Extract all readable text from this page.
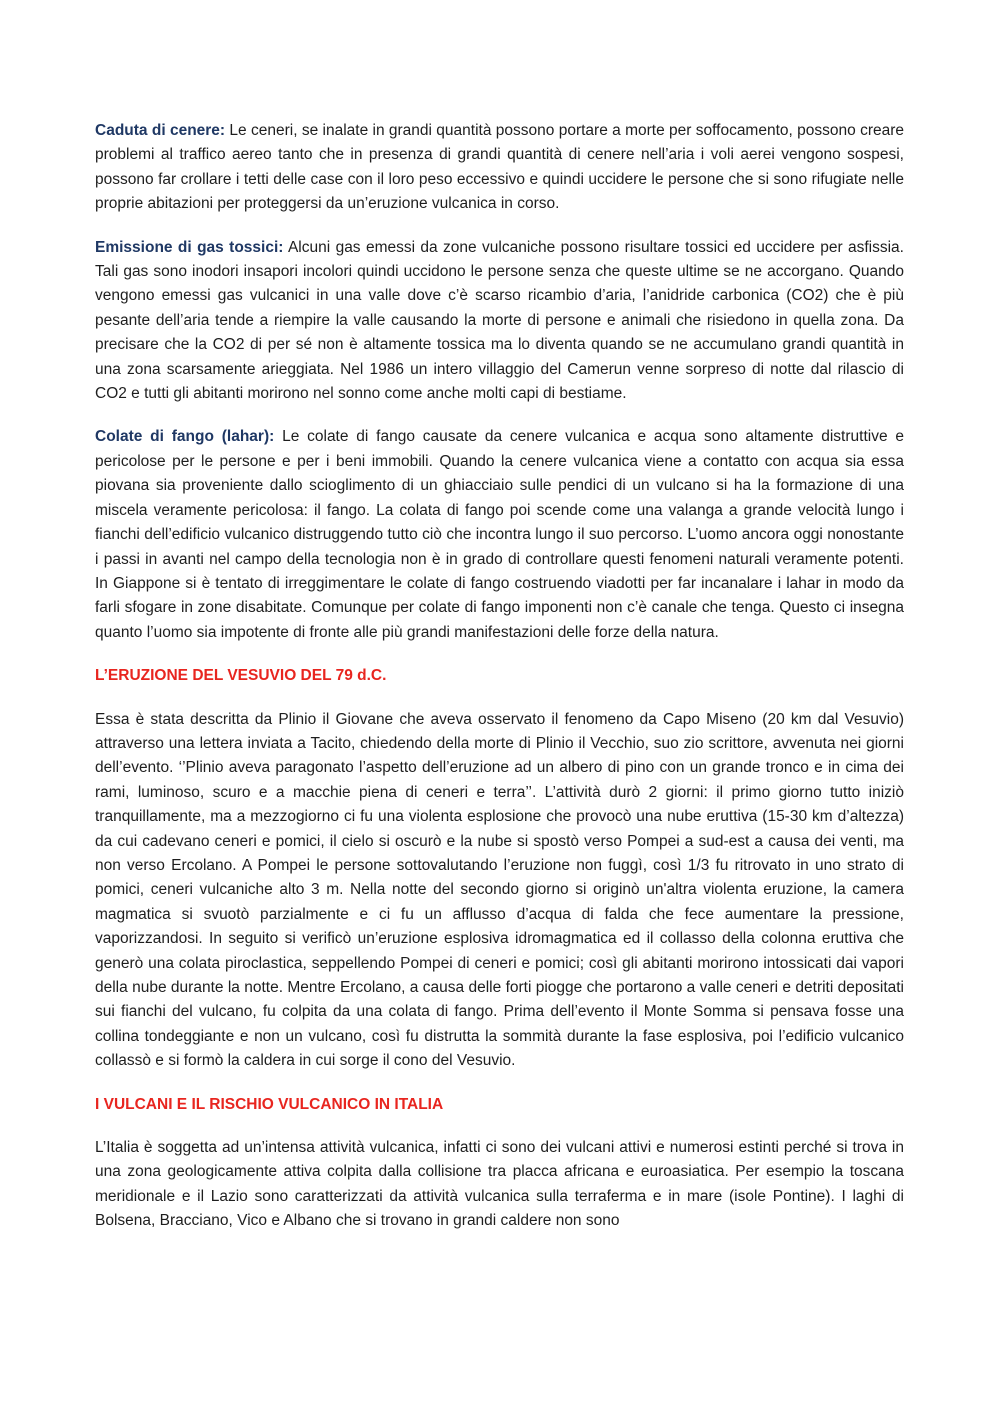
Caduta di cenere: Le ceneri, se inalate in grandi quantità possono portare a morte per soffocamento, possono creare problemi al traffico aereo tanto che in presenza di grandi quantità di cenere nell’aria i voli aerei vengono sospesi, possono far crollare i tetti delle case con il loro peso eccessivo e quindi uccidere le persone che si sono rifugiate nelle proprie abitazioni per proteggersi da un’eruzione vulcanica in corso.

Emissione di gas tossici: Alcuni gas emessi da zone vulcaniche possono risultare tossici ed uccidere per asfissia. Tali gas sono inodori insapori incolori quindi uccidono le persone senza che queste ultime se ne accorgano. Quando vengono emessi gas vulcanici in una valle dove c’è scarso ricambio d’aria, l’anidride carbonica (CO2) che è più pesante dell’aria tende a riempire la valle causando la morte di persone e animali che risiedono in quella zona. Da precisare che la CO2 di per sé non è altamente tossica ma lo diventa quando se ne accumulano grandi quantità in una zona scarsamente arieggiata. Nel 1986 un intero villaggio del Camerun venne sorpreso di notte dal rilascio di CO2 e tutti gli abitanti morirono nel sonno come anche molti capi di bestiame.

Colate di fango (lahar): Le colate di fango causate da cenere vulcanica e acqua sono altamente distruttive e pericolose per le persone e per i beni immobili. Quando la cenere vulcanica viene a contatto con acqua sia essa piovana sia proveniente dallo scioglimento di un ghiacciaio sulle pendici di un vulcano si ha la formazione di una miscela veramente pericolosa: il fango. La colata di fango poi scende come una valanga a grande velocità lungo i fianchi dell’edificio vulcanico distruggendo tutto ciò che incontra lungo il suo percorso. L’uomo ancora oggi nonostante i passi in avanti nel campo della tecnologia non è in grado di controllare questi fenomeni naturali veramente potenti. In Giappone si è tentato di irreggimentare le colate di fango costruendo viadotti per far incanalare i lahar in modo da farli sfogare in zone disabitate. Comunque per colate di fango imponenti non c’è canale che tenga. Questo ci insegna quanto l’uomo sia impotente di fronte alle più grandi manifestazioni delle forze della natura.

L’ERUZIONE DEL VESUVIO DEL 79 d.C.

Essa è stata descritta da Plinio il Giovane che aveva osservato il fenomeno da Capo Miseno (20 km dal Vesuvio) attraverso una lettera inviata a Tacito, chiedendo della morte di Plinio il Vecchio, suo zio scrittore, avvenuta nei giorni dell’evento. ‘’Plinio aveva paragonato l’aspetto dell’eruzione ad un albero di pino con un grande tronco e in cima dei rami, luminoso, scuro e a macchie piena di ceneri e terra’’. L’attività durò 2 giorni: il primo giorno tutto iniziò tranquillamente, ma a mezzogiorno ci fu una violenta esplosione che provocò una nube eruttiva (15-30 km d’altezza) da cui cadevano ceneri e pomici, il cielo si oscurò e la nube si spostò verso Pompei a sud-est a causa dei venti, ma non verso Ercolano. A Pompei le persone sottovalutando l’eruzione non fuggì, così 1/3 fu ritrovato in uno strato di pomici, ceneri vulcaniche alto 3 m. Nella notte del secondo giorno si originò un'altra violenta eruzione, la camera magmatica si svuotò parzialmente e ci fu un afflusso d’acqua di falda che fece aumentare la pressione, vaporizzandosi. In seguito si verificò un’eruzione esplosiva idromagmatica ed il collasso della colonna eruttiva che generò una colata piroclastica, seppellendo Pompei di ceneri e pomici; così gli abitanti morirono intossicati dai vapori della nube durante la notte. Mentre Ercolano, a causa delle forti piogge che portarono a valle ceneri e detriti depositati sui fianchi del vulcano, fu colpita da una colata di fango. Prima dell’evento il Monte Somma si pensava fosse una collina tondeggiante e non un vulcano, così fu distrutta la sommità durante la fase esplosiva, poi l’edificio vulcanico collassò e si formò la caldera in cui sorge il cono del Vesuvio.

I VULCANI E IL RISCHIO VULCANICO IN ITALIA

L’Italia è soggetta ad un’intensa attività vulcanica, infatti ci sono dei vulcani attivi e numerosi estinti perché si trova in una zona geologicamente attiva colpita dalla collisione tra placca africana e euroasiatica. Per esempio la toscana meridionale e il Lazio sono caratterizzati da attività vulcanica sulla terraferma e in mare (isole Pontine). I laghi di Bolsena, Bracciano, Vico e Albano che si trovano in grandi caldere non sono
